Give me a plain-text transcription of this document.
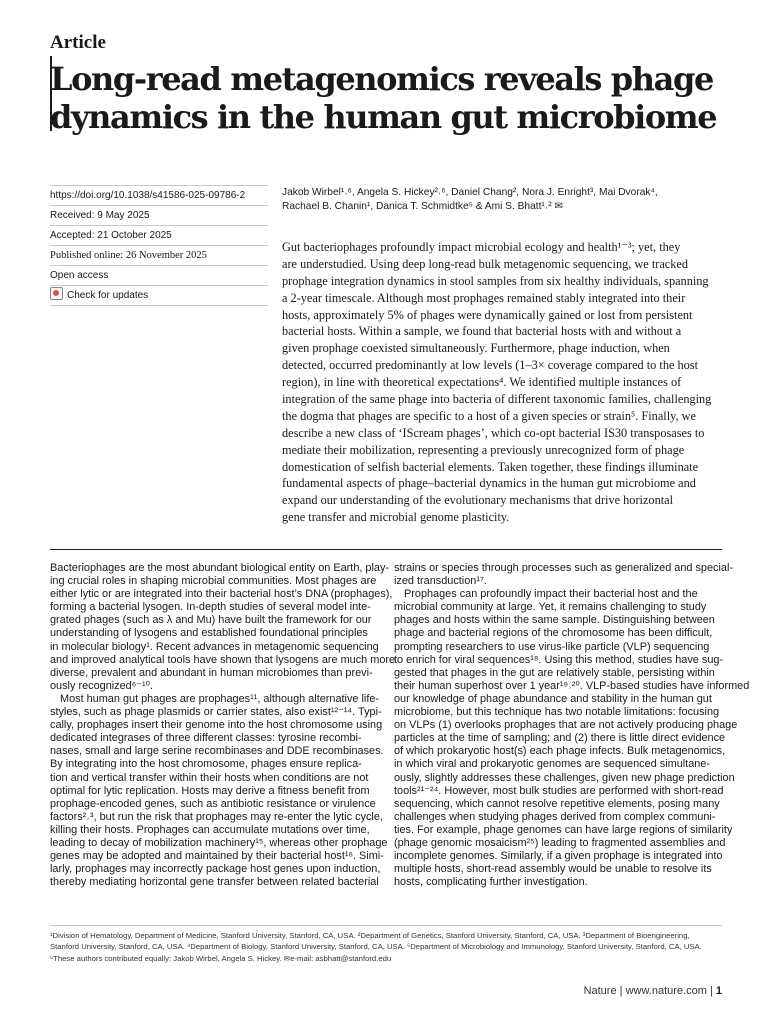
Article
Long-read metagenomics reveals phage
dynamics in the human gut microbiome
https://doi.org/10.1038/s41586-025-09786-2
Received: 9 May 2025
Accepted: 21 October 2025
Published online: 26 November 2025
Open access
Check for updates
Jakob Wirbel¹˒⁶, Angela S. Hickey²˒⁶, Daniel Chang², Nora J. Enright³, Mai Dvorak⁴,
Rachael B. Chanin¹, Danica T. Schmidtke⁵ & Ami S. Bhatt¹˒² ✉
Gut bacteriophages profoundly impact microbial ecology and health¹⁻³; yet, they
are understudied. Using deep long-read bulk metagenomic sequencing, we tracked
prophage integration dynamics in stool samples from six healthy individuals, spanning
a 2-year timescale. Although most prophages remained stably integrated into their
hosts, approximately 5% of phages were dynamically gained or lost from persistent
bacterial hosts. Within a sample, we found that bacterial hosts with and without a
given prophage coexisted simultaneously. Furthermore, phage induction, when
detected, occurred predominantly at low levels (1–3× coverage compared to the host
region), in line with theoretical expectations⁴. We identified multiple instances of
integration of the same phage into bacteria of different taxonomic families, challenging
the dogma that phages are specific to a host of a given species or strain⁵. Finally, we
describe a new class of ‘IScream phages’, which co-opt bacterial IS30 transposases to
mediate their mobilization, representing a previously unrecognized form of phage
domestication of selfish bacterial elements. Taken together, these findings illuminate
fundamental aspects of phage–bacterial dynamics in the human gut microbiome and
expand our understanding of the evolutionary mechanisms that drive horizontal
gene transfer and microbial genome plasticity.
Bacteriophages are the most abundant biological entity on Earth, play-
ing crucial roles in shaping microbial communities. Most phages are
either lytic or are integrated into their bacterial host’s DNA (prophages),
forming a bacterial lysogen. In-depth studies of several model inte-
grated phages (such as λ and Mu) have built the framework for our
understanding of lysogens and established foundational principles
in molecular biology¹. Recent advances in metagenomic sequencing
and improved analytical tools have shown that lysogens are much more
diverse, prevalent and abundant in human microbiomes than previ-
ously recognized⁶⁻¹⁰.
Most human gut phages are prophages¹¹, although alternative life-
styles, such as phage plasmids or carrier states, also exist¹²⁻¹⁴. Typi-
cally, prophages insert their genome into the host chromosome using
dedicated integrases of three different classes: tyrosine recombi-
nases, small and large serine recombinases and DDE recombinases.
By integrating into the host chromosome, phages ensure replica-
tion and vertical transfer within their hosts when conditions are not
optimal for lytic replication. Hosts may derive a fitness benefit from
prophage-encoded genes, such as antibiotic resistance or virulence
factors²˒³, but run the risk that prophages may re-enter the lytic cycle,
killing their hosts. Prophages can accumulate mutations over time,
leading to decay of mobilization machinery¹⁵, whereas other prophage
genes may be adopted and maintained by their bacterial host¹⁶. Simi-
larly, prophages may incorrectly package host genes upon induction,
thereby mediating horizontal gene transfer between related bacterial
strains or species through processes such as generalized and special-
ized transduction¹⁷.
Prophages can profoundly impact their bacterial host and the
microbial community at large. Yet, it remains challenging to study
phages and hosts within the same sample. Distinguishing between
phage and bacterial regions of the chromosome has been difficult,
prompting researchers to use virus-like particle (VLP) sequencing
to enrich for viral sequences¹⁸. Using this method, studies have sug-
gested that phages in the gut are relatively stable, persisting within
their human superhost over 1 year¹⁹˒²⁰. VLP-based studies have informed
our knowledge of phage abundance and stability in the human gut
microbiome, but this technique has two notable limitations: focusing
on VLPs (1) overlooks prophages that are not actively producing phage
particles at the time of sampling; and (2) there is little direct evidence
of which prokaryotic host(s) each phage infects. Bulk metagenomics,
in which viral and prokaryotic genomes are sequenced simultane-
ously, slightly addresses these challenges, given new phage prediction
tools²¹⁻²⁴. However, most bulk studies are performed with short-read
sequencing, which cannot resolve repetitive elements, posing many
challenges when studying phages derived from complex communi-
ties. For example, phage genomes can have large regions of similarity
(phage genomic mosaicism²⁵) leading to fragmented assemblies and
incomplete genomes. Similarly, if a given prophage is integrated into
multiple hosts, short-read assembly would be unable to resolve its
hosts, complicating further investigation.
¹Division of Hematology, Department of Medicine, Stanford University, Stanford, CA, USA. ²Department of Genetics, Stanford University, Stanford, CA, USA. ³Department of Bioengineering,
Stanford University, Stanford, CA, USA. ⁴Department of Biology, Stanford University, Stanford, CA, USA. ⁵Department of Microbiology and Immunology, Stanford University, Stanford, CA, USA.
⁶These authors contributed equally: Jakob Wirbel, Angela S. Hickey. ✉e-mail: asbhatt@stanford.edu
Nature | www.nature.com | 1
